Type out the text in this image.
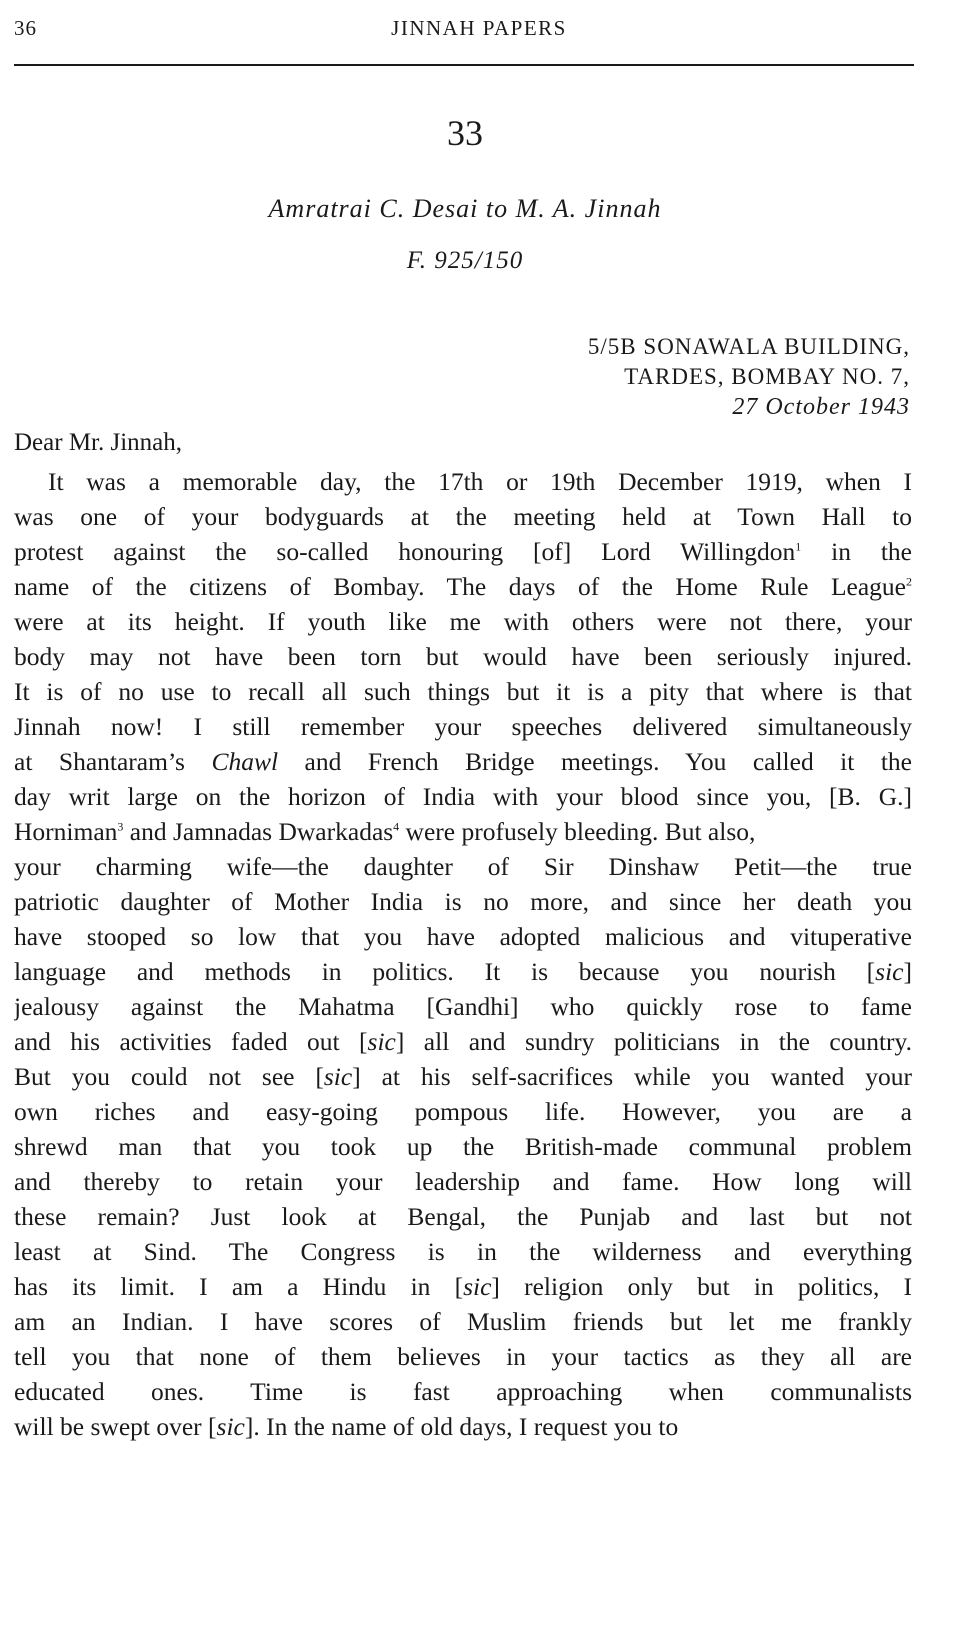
36	JINNAH PAPERS
33
Amratrai C. Desai to M. A. Jinnah
F. 925/150
5/5B SONAWALA BUILDING,
TARDES, BOMBAY NO. 7,
27 October 1943
Dear Mr. Jinnah,
It was a memorable day, the 17th or 19th December 1919, when I
was one of your bodyguards at the meeting held at Town Hall to
protest against the so-called honouring [of] Lord Willingdon$^1$ in the
name of the citizens of Bombay. The days of the Home Rule League$^2$
were at its height. If youth like me with others were not there, your
body may not have been torn but would have been seriously injured.
It is of no use to recall all such things but it is a pity that where is that
Jinnah now! I still remember your speeches delivered simultaneously
at Shantaram’s Chawl and French Bridge meetings. You called it the
day writ large on the horizon of India with your blood since you, [B. G.]
Horniman$^3$ and Jamnadas Dwarkadas$^4$ were profusely bleeding. But also,
your charming wife—the daughter of Sir Dinshaw Petit—the true
patriotic daughter of Mother India is no more, and since her death you
have stooped so low that you have adopted malicious and vituperative
language and methods in politics. It is because you nourish [sic]
jealousy against the Mahatma [Gandhi] who quickly rose to fame
and his activities faded out [sic] all and sundry politicians in the country.
But you could not see [sic] at his self-sacrifices while you wanted your
own riches and easy-going pompous life. However, you are a
shrewd man that you took up the British-made communal problem
and thereby to retain your leadership and fame. How long will
these remain? Just look at Bengal, the Punjab and last but not
least at Sind. The Congress is in the wilderness and everything
has its limit. I am a Hindu in [sic] religion only but in politics, I
am an Indian. I have scores of Muslim friends but let me frankly
tell you that none of them believes in your tactics as they all are
educated ones. Time is fast approaching when communalists
will be swept over [sic]. In the name of old days, I request you to
